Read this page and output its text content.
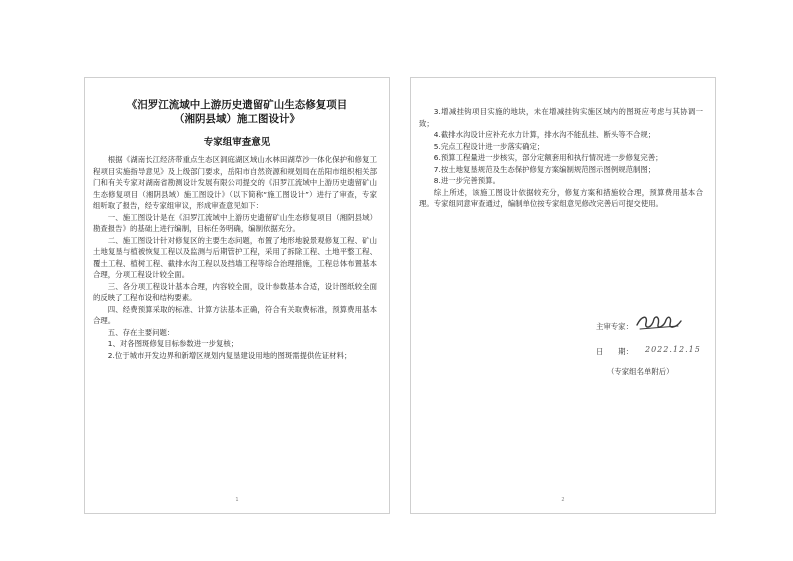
《汨罗江流域中上游历史遗留矿山生态修复项目
（湘阴县域）施工图设计》
专家组审查意见

根据《湖南长江经济带重点生态区洞庭湖区域山水林田湖草沙一体化保护和修复工程项目实施指导意见》及上级部门要求，岳阳市自然资源和规划局在岳阳市组织相关部门和有关专家对湖南省勘测设计发展有限公司提交的《汨罗江流域中上游历史遗留矿山生态修复项目（湘阴县域）施工图设计》（以下简称“施工图设计”）进行了审查，专家组听取了报告，经专家组审议，形成审查意见如下：

一、施工图设计是在《汨罗江流域中上游历史遗留矿山生态修复项目（湘阴县域）勘查报告》的基础上进行编制，目标任务明确，编制依据充分。

二、施工图设计针对修复区的主要生态问题，布置了地形地貌景观修复工程、矿山土地复垦与植被恢复工程以及监测与后期管护工程，采用了拆除工程、土地平整工程、覆土工程、植树工程、截排水沟工程以及挡墙工程等综合治理措施，工程总体布置基本合理，分项工程设计较全面。

三、各分项工程设计基本合理，内容较全面，设计参数基本合适，设计图纸较全面的反映了工程布设和结构要素。

四、经费预算采取的标准、计算方法基本正确，符合有关取费标准，预算费用基本合理。

五、存在主要问题：

1、对各图斑修复目标参数进一步复核；

2.位于城市开发边界和新增区规划内复垦建设用地的图斑需提供佐证材料；

1

3.增减挂钩项目实施的地块，未在增减挂钩实施区域内的图斑应考虑与其协调一致；

4.截排水沟设计应补充水力计算，排水沟不能乱挂、断头等不合规；

5.完点工程设计进一步落实确定；

6.预算工程量进一步核实，部分定额套用和执行情况进一步修复完善；

7.按土地复垦规范及生态保护修复方案编制规范图示图例规范制图；

8.进一步完善预算。

综上所述，该施工图设计依据较充分，修复方案和措施较合理，预算费用基本合理。专家组同意审查通过，编制单位按专家组意见修改完善后可提交使用。

主审专家：
日　　期： 2022.12.15
（专家组名单附后）
2
